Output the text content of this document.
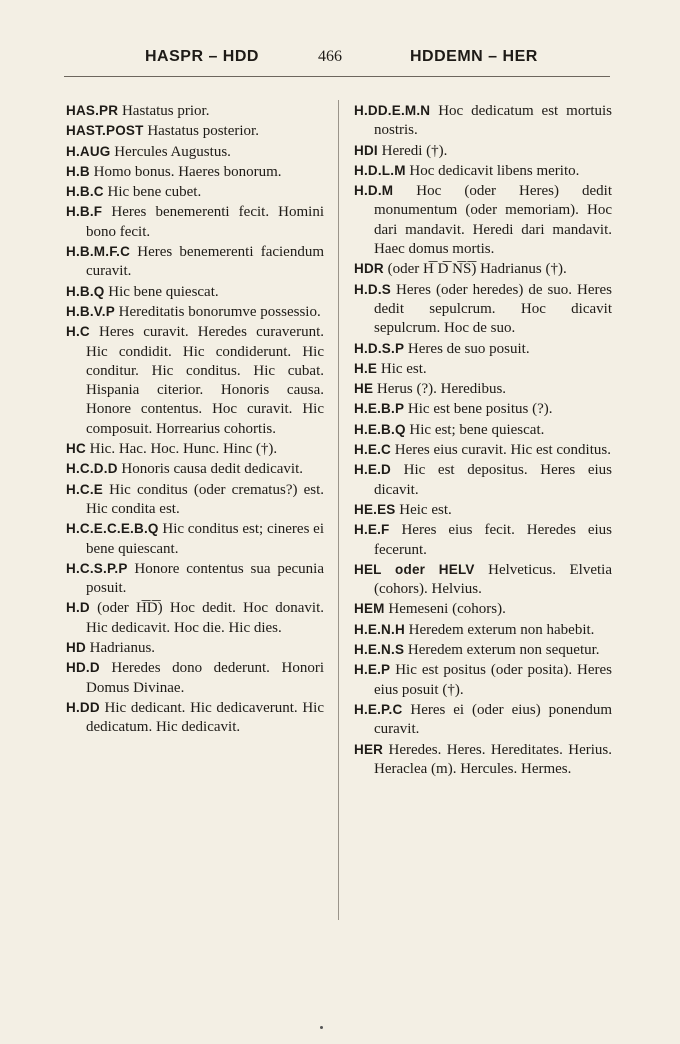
HASPR – HDD	466	HDDEMN – HER

HAS.PR Hastatus prior.

HAST.POST Hastatus posterior.

H.AUG Hercules Augustus.

H.B Homo bonus. Haeres bonorum.

H.B.C Hic bene cubet.

H.B.F Heres benemerenti fecit. Homini bono fecit.

H.B.M.F.C Heres benemerenti faciendum curavit.

H.B.Q Hic bene quiescat.

H.B.V.P Hereditatis bonorumve possessio.

H.C Heres curavit. Heredes curaverunt. Hic condidit. Hic condiderunt. Hic conditur. Hic conditus. Hic cubat. Hispania citerior. Honoris causa. Honore contentus. Hoc curavit. Hic composuit. Horrearius cohortis.

HC Hic. Hac. Hoc. Hunc. Hinc (†).

H.C.D.D Honoris causa dedit dedicavit.

H.C.E Hic conditus (oder crematus?) est. Hic condita est.

H.C.E.C.E.B.Q Hic conditus est; cineres ei bene quiescant.

H.C.S.P.P Honore contentus sua pecunia posuit.

H.D (oder H͞D͞) Hoc dedit. Hoc donavit. Hic dedicavit. Hoc die. Hic dies.

HD Hadrianus.

HD.D Heredes dono dederunt. Honori Domus Divinae.

H.DD Hic dedicant. Hic dedicaverunt. Hic dedicatum. Hic dedicavit.

H.DD.E.M.N Hoc dedicatum est mortuis nostris.

HDI Heredi (†).

H.D.L.M Hoc dedicavit libens merito.

H.D.M Hoc (oder Heres) dedit monumentum (oder memoriam). Hoc dari mandavit. Heredi dari mandavit. Haec domus mortis.

HDR (oder H͞ D͞ N͞S͞) Hadrianus (†).

H.D.S Heres (oder heredes) de suo. Heres dedit sepulcrum. Hoc dicavit sepulcrum. Hoc de suo.

H.D.S.P Heres de suo posuit.

H.E Hic est.

HE Herus (?). Heredibus.

H.E.B.P Hic est bene positus (?).

H.E.B.Q Hic est; bene quiescat.

H.E.C Heres eius curavit. Hic est conditus.

H.E.D Hic est depositus. Heres eius dicavit.

HE.ES Heic est.

H.E.F Heres eius fecit. Heredes eius fecerunt.

HEL oder HELV Helveticus. Elvetia (cohors). Helvius.

HEM Hemeseni (cohors).

H.E.N.H Heredem exterum non habebit.

H.E.N.S Heredem exterum non sequetur.

H.E.P Hic est positus (oder posita). Heres eius posuit (†).

H.E.P.C Heres ei (oder eius) ponendum curavit.

HER Heredes. Heres. Hereditates. Herius. Heraclea (m). Hercules. Hermes.
